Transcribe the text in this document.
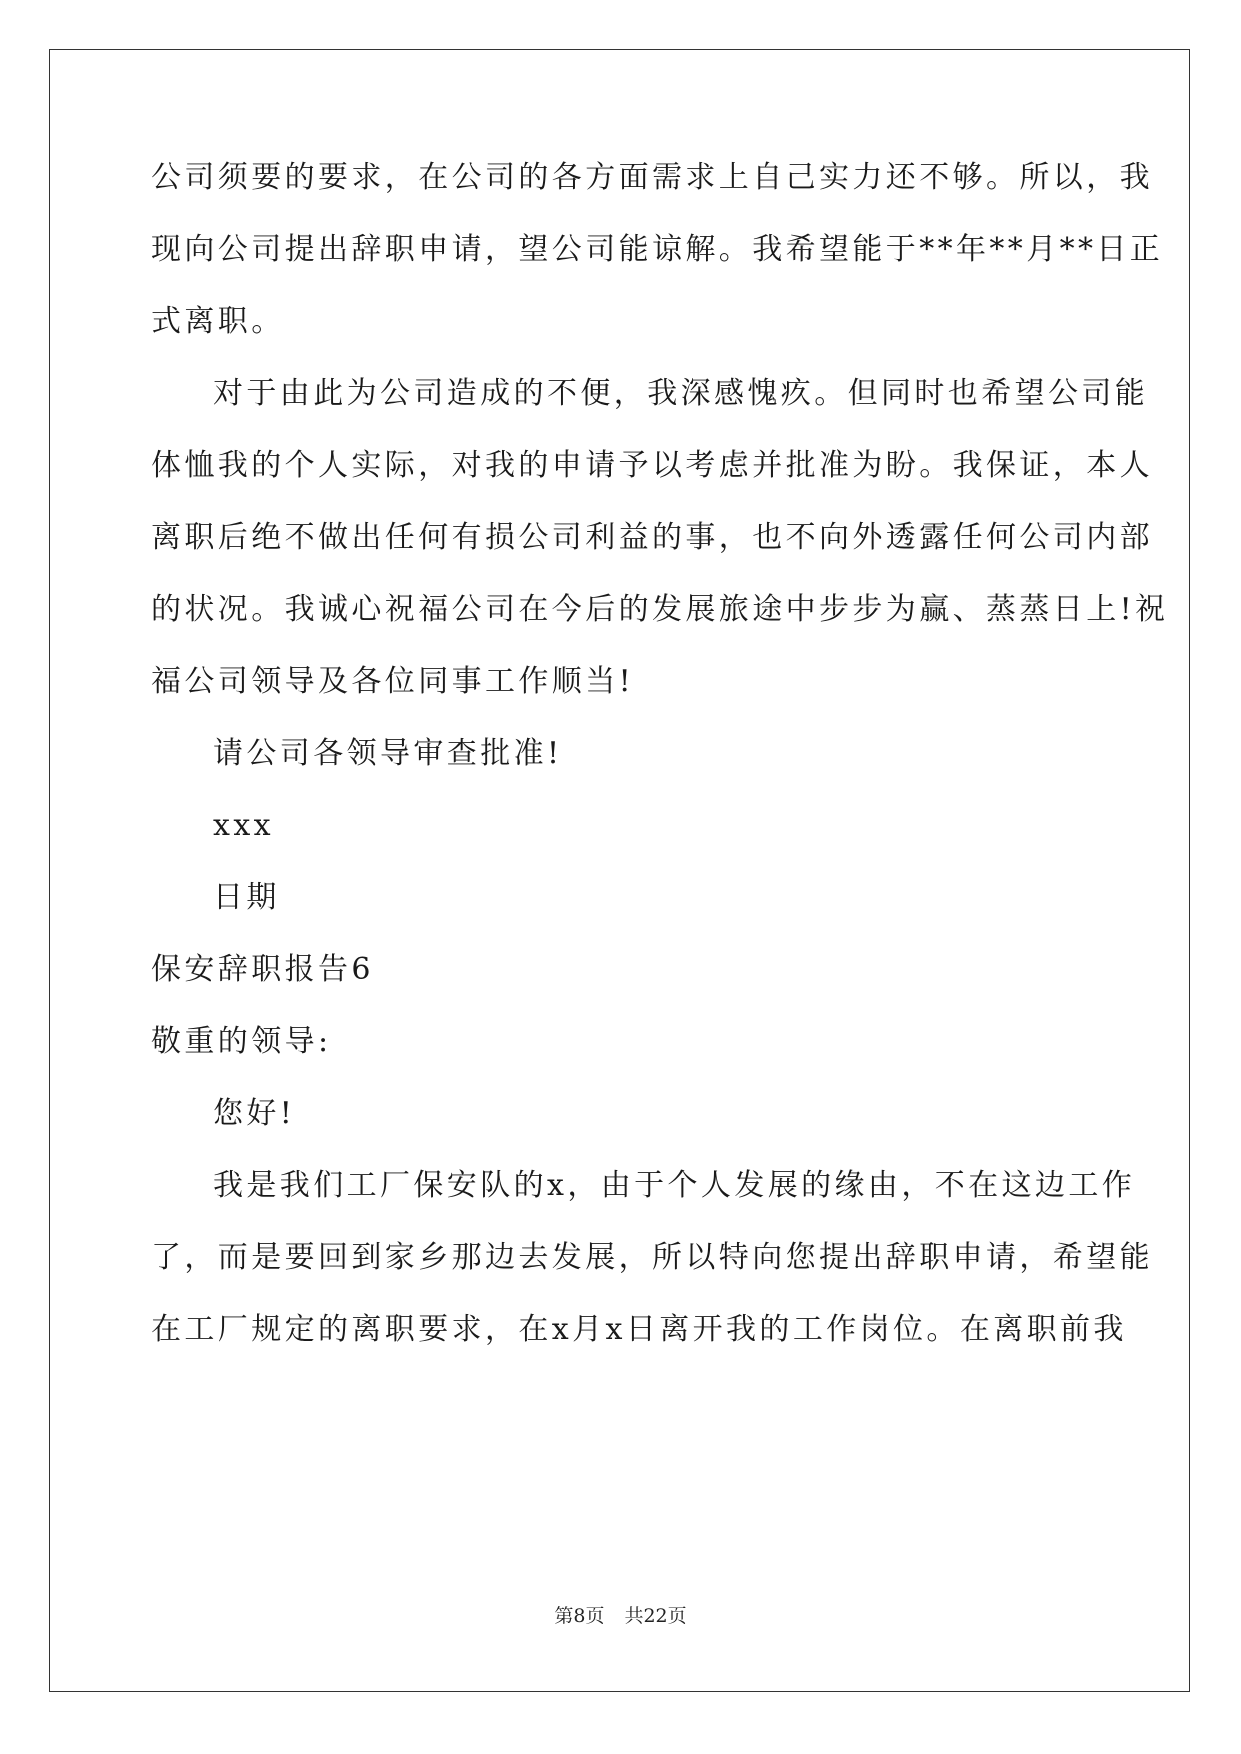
公司须要的要求，在公司的各方面需求上自己实力还不够。所以，我
现向公司提出辞职申请，望公司能谅解。我希望能于**年**月**日正
式离职。
对于由此为公司造成的不便，我深感愧疚。但同时也希望公司能
体恤我的个人实际，对我的申请予以考虑并批准为盼。我保证，本人
离职后绝不做出任何有损公司利益的事，也不向外透露任何公司内部
的状况。我诚心祝福公司在今后的发展旅途中步步为赢、蒸蒸日上!祝
福公司领导及各位同事工作顺当!
请公司各领导审查批准!
xxx
日期
保安辞职报告6
敬重的领导:
您好!
我是我们工厂保安队的x，由于个人发展的缘由，不在这边工作
了，而是要回到家乡那边去发展，所以特向您提出辞职申请，希望能
在工厂规定的离职要求，在x月x日离开我的工作岗位。在离职前我
第8页 共22页
